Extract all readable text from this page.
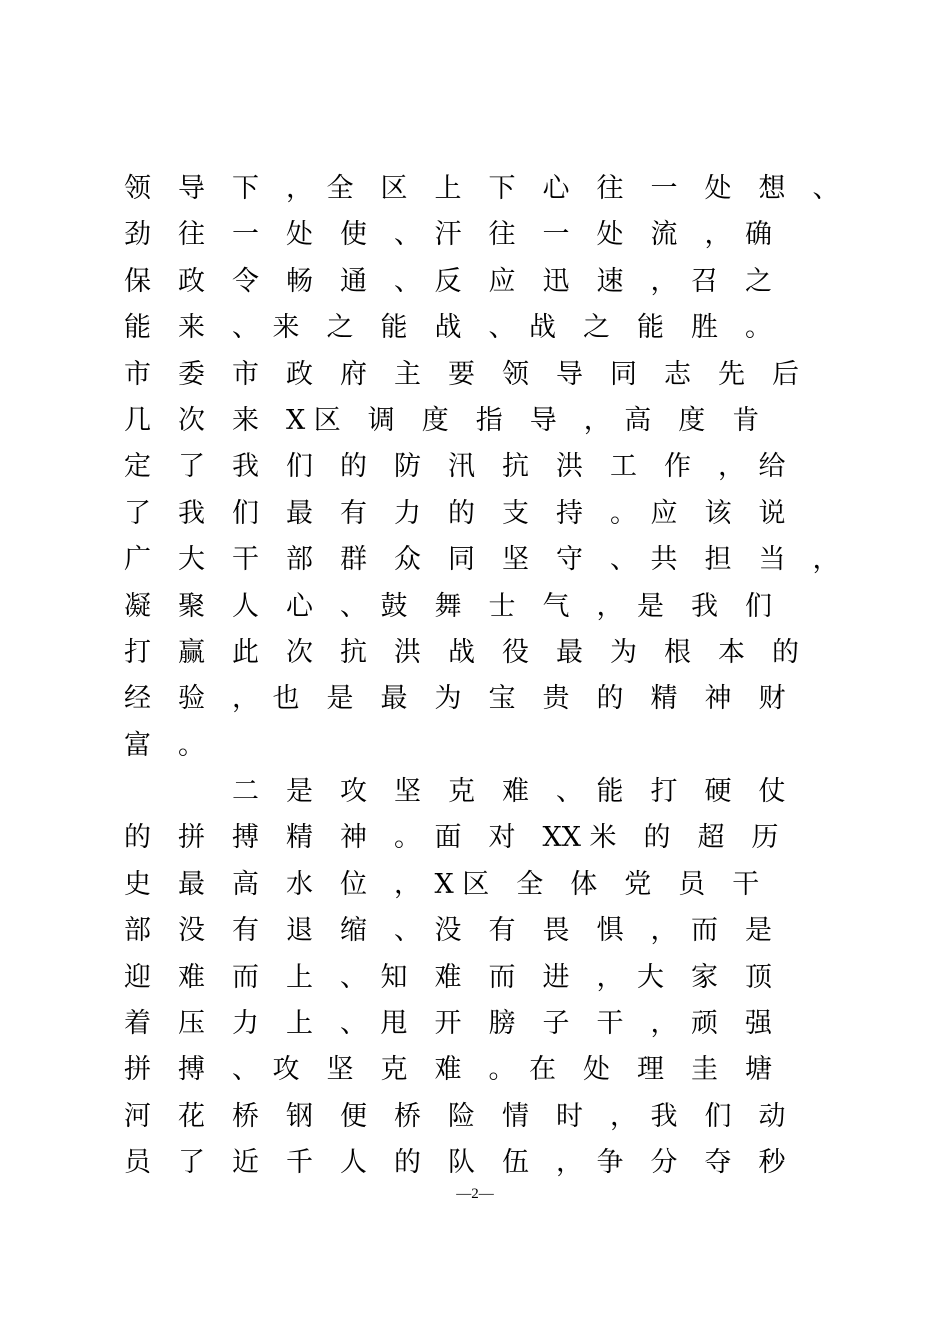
领　导　下　，　全　区　上　下　心　往　一　处　想　、
劲　往　一　处　使　、　汗　往　一　处　流　，　确
保　政　令　畅　通　、　反　应　迅　速　，　召　之
能　来　、　来　之　能　战　、　战　之　能　胜　。
市　委　市　政　府　主　要　领　导　同　志　先　后
几　次　来　X 区　调　度　指　导　，　高　度　肯
定　了　我　们　的　防　汛　抗　洪　工　作　，　给
了　我　们　最　有　力　的　支　持　。　应　该　说
广　大　干　部　群　众　同　坚　守　、　共　担　当　，
凝　聚　人　心　、　鼓　舞　士　气　，　是　我　们
打　赢　此　次　抗　洪　战　役　最　为　根　本　的
经　验　，　也　是　最　为　宝　贵　的　精　神　财
富　。
　　　　二　是　攻　坚　克　难　、　能　打　硬　仗
的　拼　搏　精　神　。　面　对　XX 米　的　超　历
史　最　高　水　位　，　X 区　全　体　党　员　干
部　没　有　退　缩　、　没　有　畏　惧　，　而　是
迎　难　而　上　、　知　难　而　进　，　大　家　顶
着　压　力　上　、　甩　开　膀　子　干　，　顽　强
拼　搏　、　攻　坚　克　难　。　在　处　理　圭　塘
河　花　桥　钢　便　桥　险　情　时　，　我　们　动
员　了　近　千　人　的　队　伍　，　争　分　夺　秒
—2—
